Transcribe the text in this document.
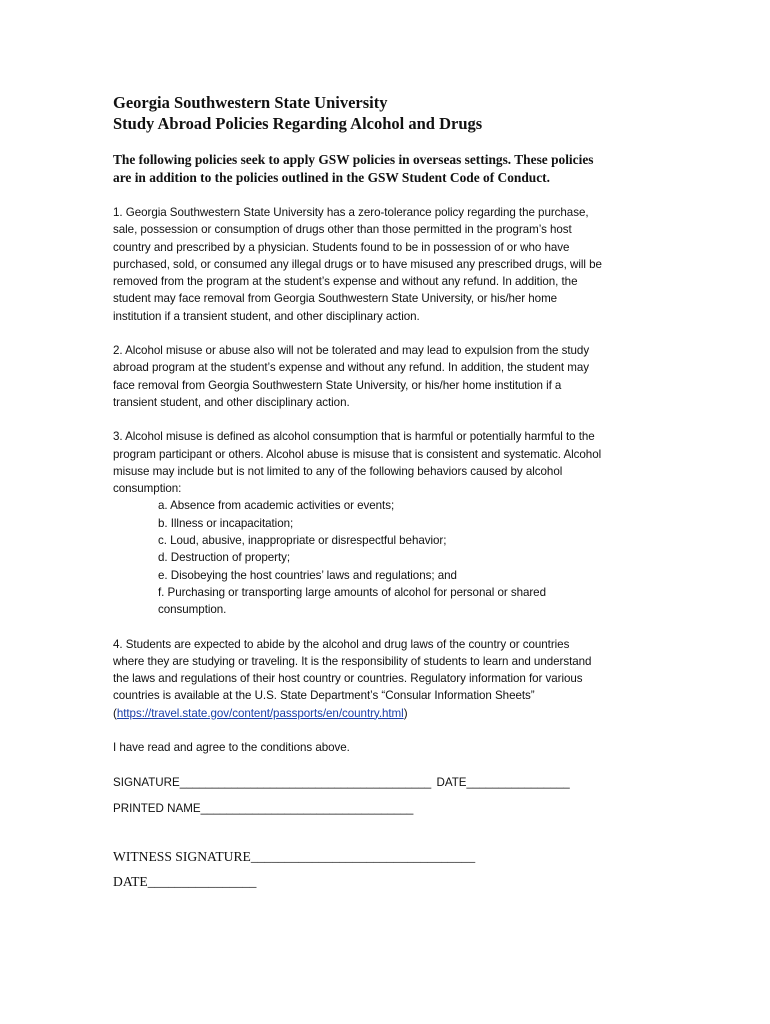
Georgia Southwestern State University
Study Abroad Policies Regarding Alcohol and Drugs
The following policies seek to apply GSW policies in overseas settings. These policies
are in addition to the policies outlined in the GSW Student Code of Conduct.
1. Georgia Southwestern State University has a zero-tolerance policy regarding the purchase,
sale, possession or consumption of drugs other than those permitted in the program’s host
country and prescribed by a physician. Students found to be in possession of or who have
purchased, sold, or consumed any illegal drugs or to have misused any prescribed drugs, will be
removed from the program at the student’s expense and without any refund. In addition, the
student may face removal from Georgia Southwestern State University, or his/her home
institution if a transient student, and other disciplinary action.
2. Alcohol misuse or abuse also will not be tolerated and may lead to expulsion from the study
abroad program at the student’s expense and without any refund. In addition, the student may
face removal from Georgia Southwestern State University, or his/her home institution if a
transient student, and other disciplinary action.
3. Alcohol misuse is defined as alcohol consumption that is harmful or potentially harmful to the
program participant or others. Alcohol abuse is misuse that is consistent and systematic. Alcohol
misuse may include but is not limited to any of the following behaviors caused by alcohol
consumption:
a. Absence from academic activities or events;
b. Illness or incapacitation;
c. Loud, abusive, inappropriate or disrespectful behavior;
d. Destruction of property;
e. Disobeying the host countries’ laws and regulations; and
f. Purchasing or transporting large amounts of alcohol for personal or shared
consumption.
4. Students are expected to abide by the alcohol and drug laws of the country or countries
where they are studying or traveling. It is the responsibility of students to learn and understand
the laws and regulations of their host country or countries. Regulatory information for various
countries is available at the U.S. State Department’s “Consular Information Sheets”
(https://travel.state.gov/content/passports/en/country.html)
I have read and agree to the conditions above.
SIGNATURE_______________________________________ DATE________________
PRINTED NAME_________________________________
WITNESS SIGNATURE_________________________________
DATE________________
